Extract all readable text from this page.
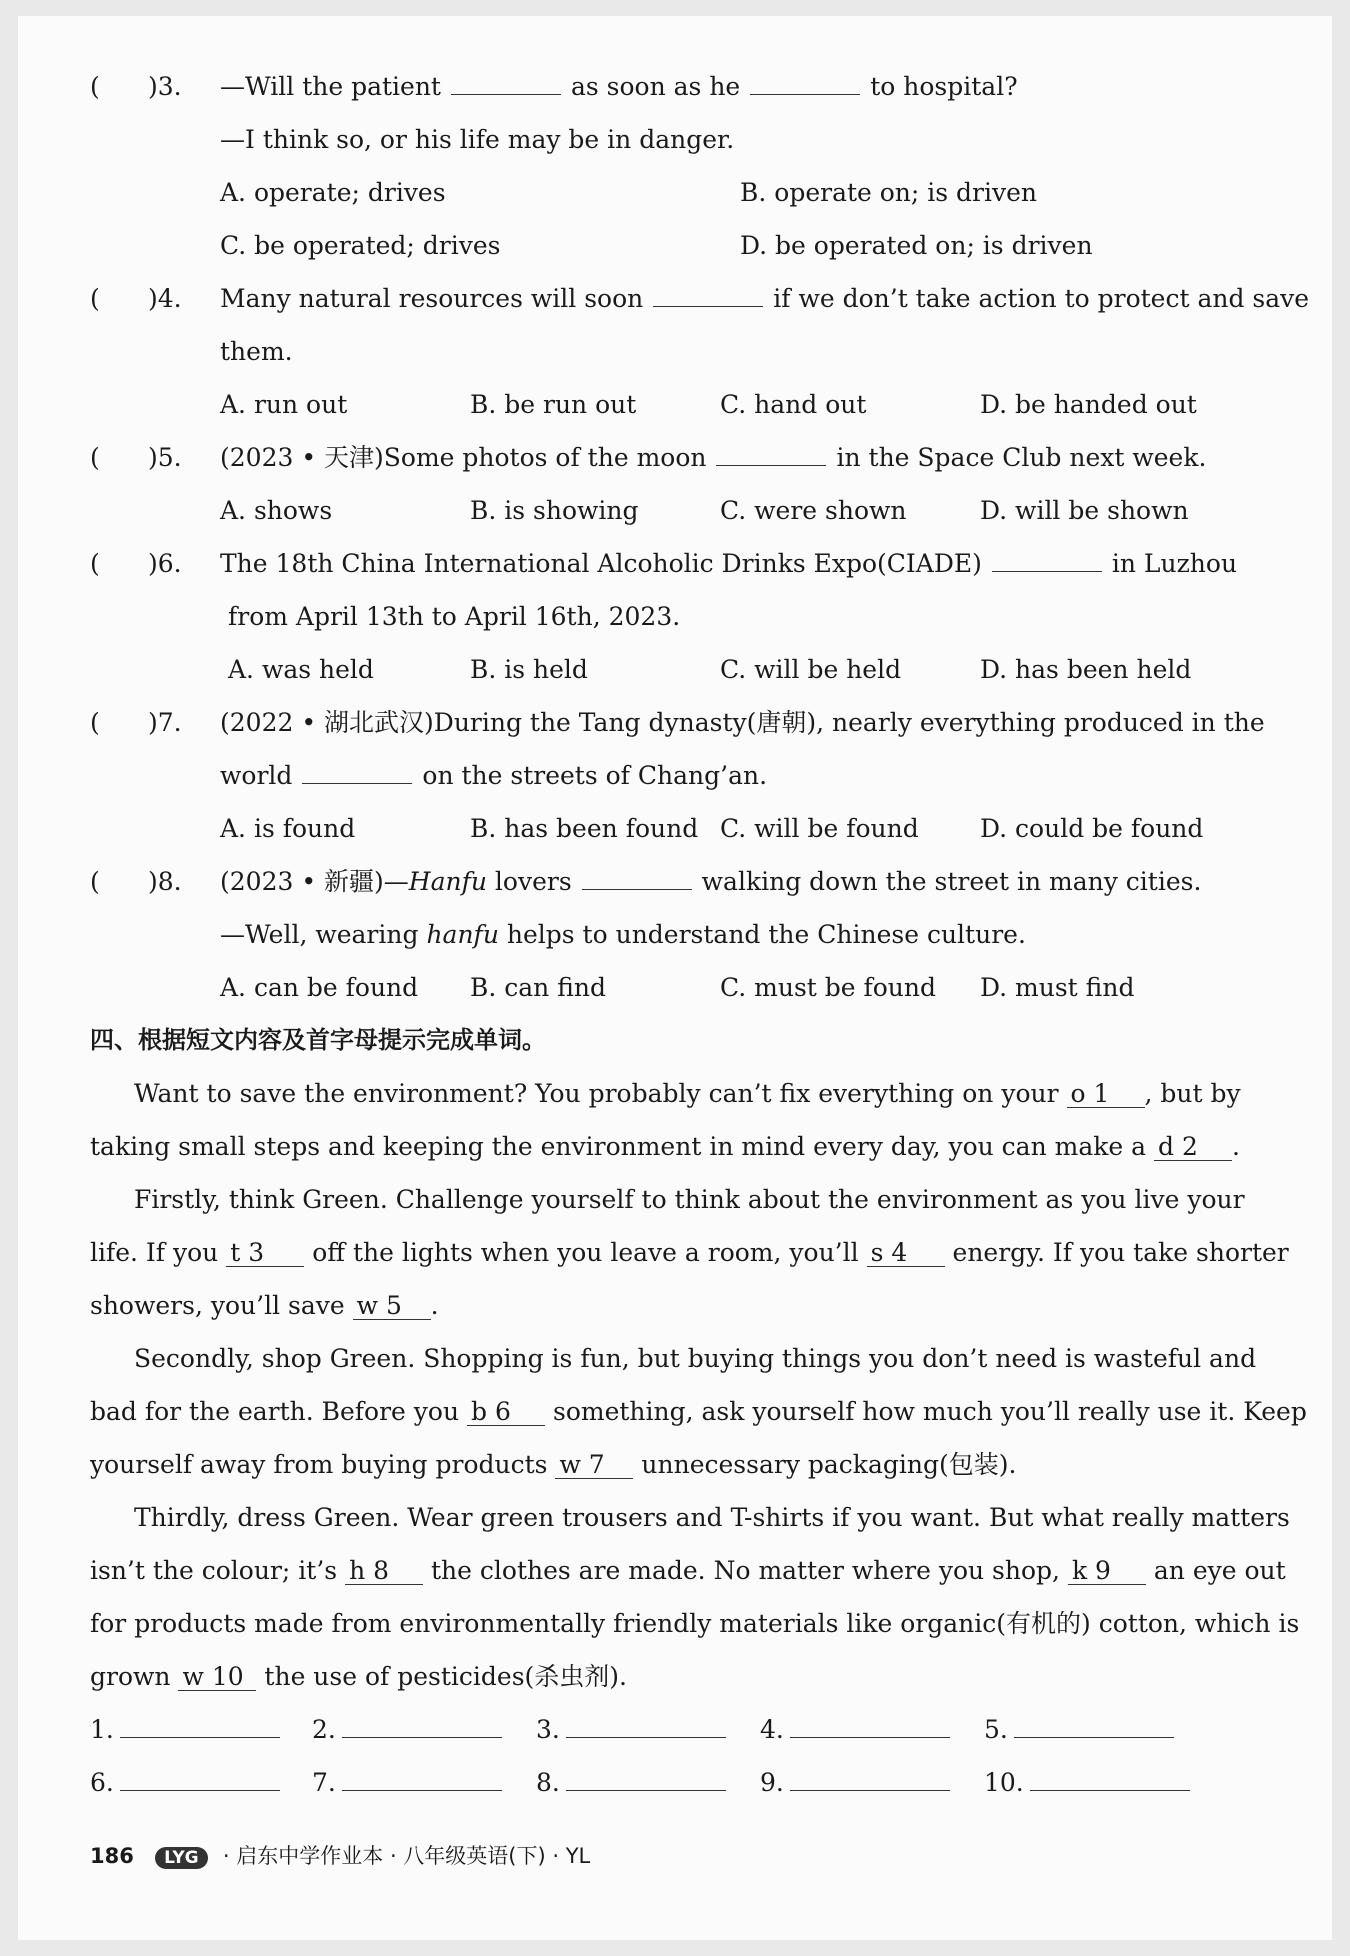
( )3. —Will the patient	as soon as he	to hospital?
—I think so, or his life may be in danger.
A. operate; drives	B. operate on; is driven
C. be operated; drives	D. be operated on; is driven
( )4. Many natural resources will soon	if we don’t take action to protect and save
them.
A. run out	B. be run out	C. hand out	D. be handed out
( )5. (2023 • 天津)Some photos of the moon	in the Space Club next week.
A. shows	B. is showing	C. were shown	D. will be shown
( )6. The 18th China International Alcoholic Drinks Expo(CIADE)	in Luzhou
from April 13th to April 16th, 2023.
A. was held	B. is held	C. will be held	D. has been held
( )7. (2022 • 湖北武汉)During the Tang dynasty(唐朝), nearly everything produced in the
world	on the streets of Chang’an.
A. is found	B. has been found C. will be found D. could be found
( )8. (2023 • 新疆)—Hanfu lovers	walking down the street in many cities.
—Well, wearing hanfu helps to understand the Chinese culture.
A. can be found B. can find	C. must be found D. must find
四、根据短文内容及首字母提示完成单词。
Want to save the environment? You probably can’t fix everything on your o 1 , but by
taking small steps and keeping the environment in mind every day, you can make a d 2 .
Firstly, think Green. Challenge yourself to think about the environment as you live your
life. If you t 3 off the lights when you leave a room, you’ll s 4 energy. If you take shorter
showers, you’ll save w 5 .
Secondly, shop Green. Shopping is fun, but buying things you don’t need is wasteful and
bad for the earth. Before you b 6 something, ask yourself how much you’ll really use it. Keep
yourself away from buying products w 7 unnecessary packaging(包装).
Thirdly, dress Green. Wear green trousers and T-shirts if you want. But what really matters
isn’t the colour; it’s h 8 the clothes are made. No matter where you shop, k 9 an eye out
for products made from environmentally friendly materials like organic(有机的) cotton, which is
grown w 10 the use of pesticides(杀虫剂).
1.	2.	3.	4.	5.
6.	7.	8.	9.	10.
186 LYG · 启东中学作业本 · 八年级英语(下) · YL
